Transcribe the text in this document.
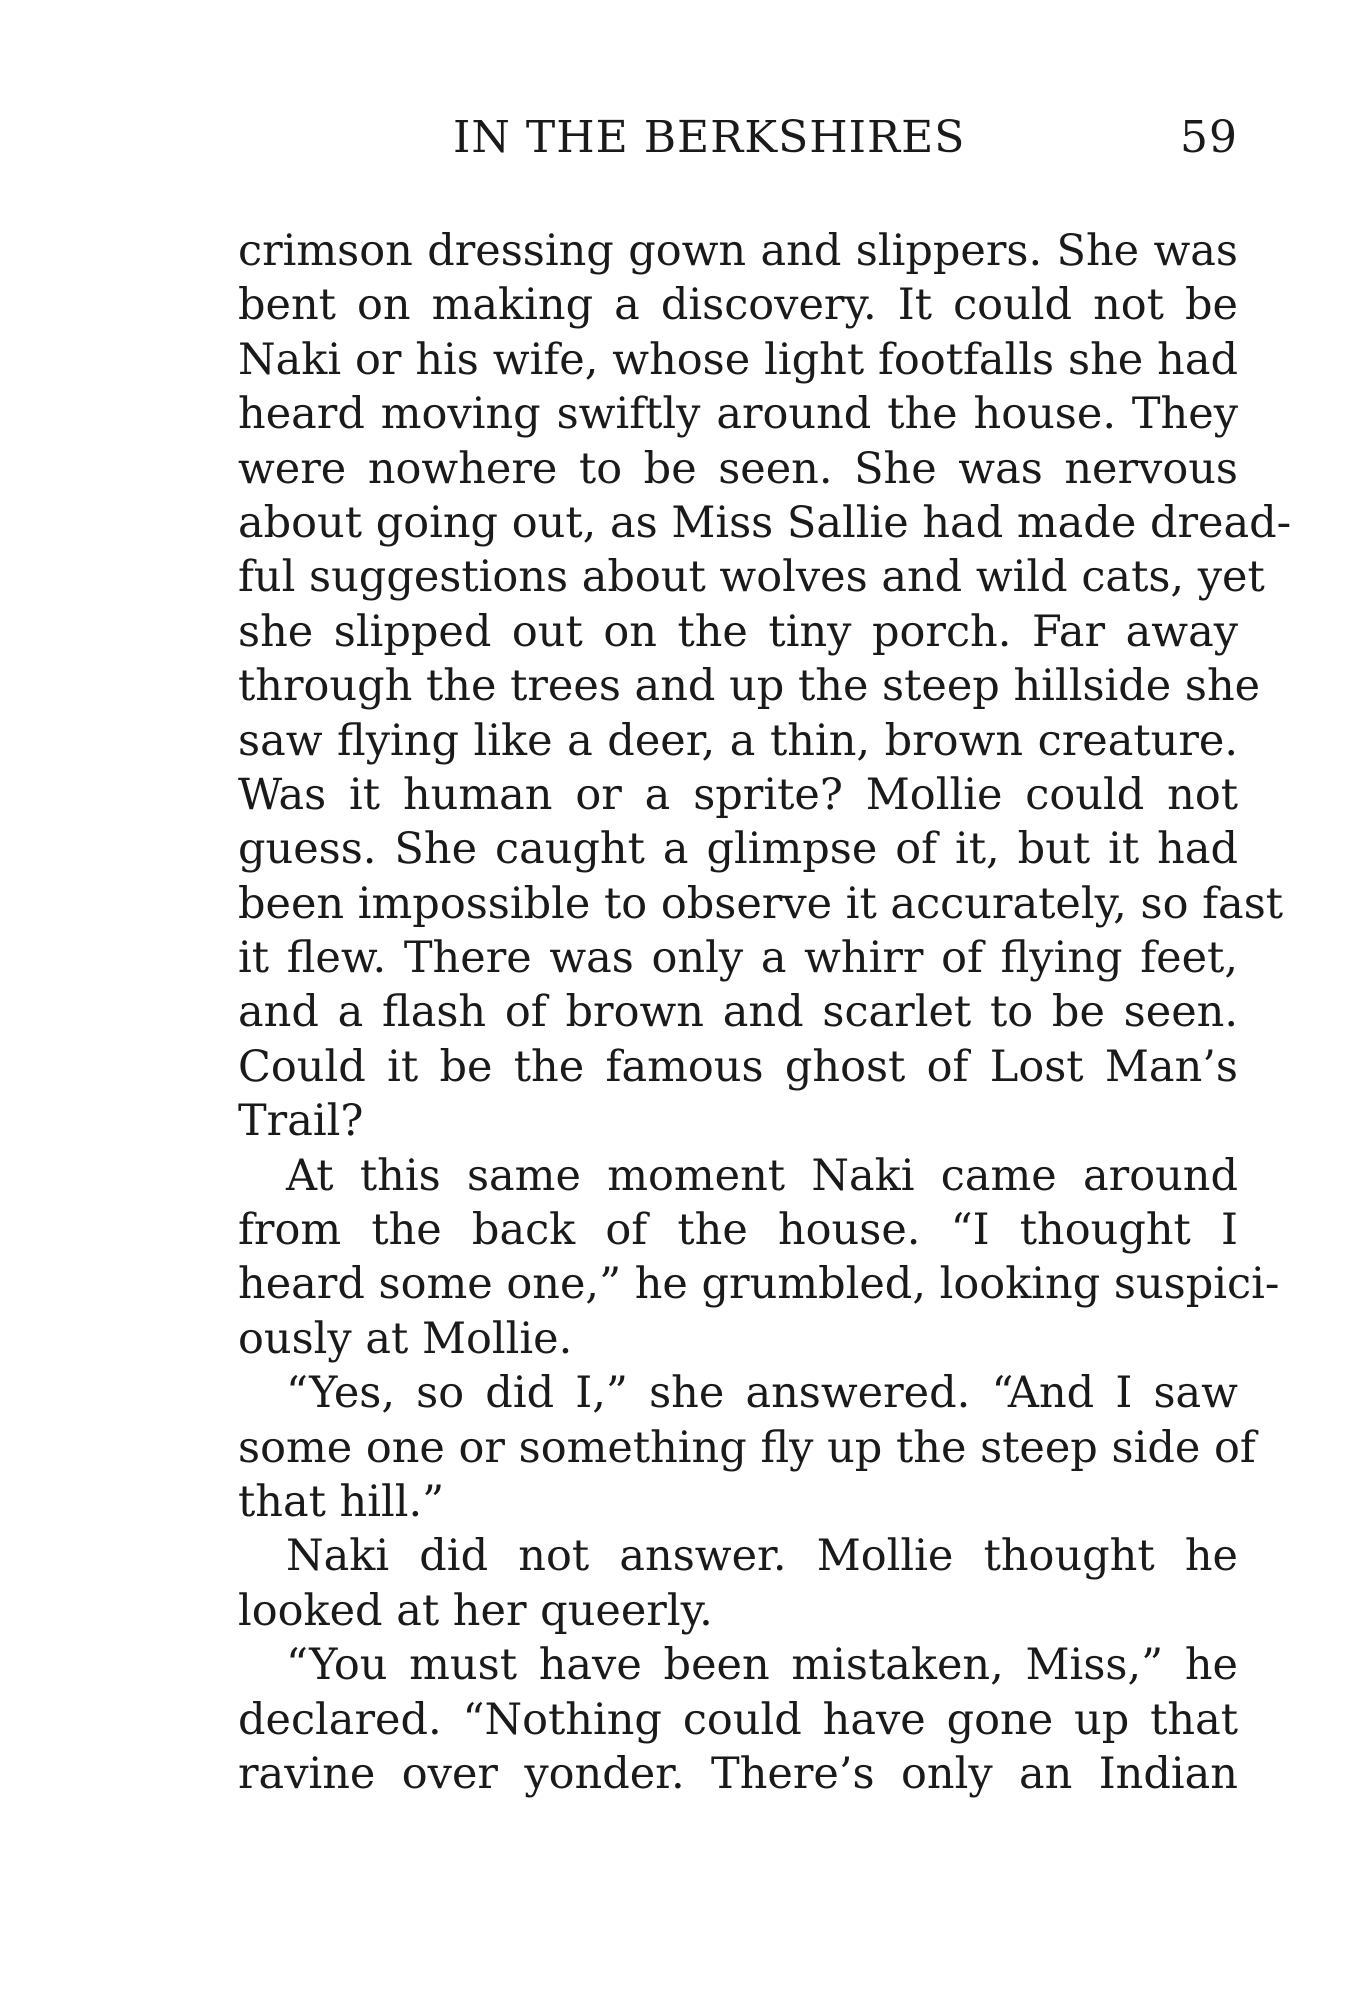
IN THE BERKSHIRES	59
crimson dressing gown and slippers. She was
bent on making a discovery. It could not be
Naki or his wife, whose light footfalls she had
heard moving swiftly around the house. They
were nowhere to be seen. She was nervous
about going out, as Miss Sallie had made dread-
ful suggestions about wolves and wild cats, yet
she slipped out on the tiny porch. Far away
through the trees and up the steep hillside she
saw flying like a deer, a thin, brown creature.
Was it human or a sprite? Mollie could not
guess. She caught a glimpse of it, but it had
been impossible to observe it accurately, so fast
it flew. There was only a whirr of flying feet,
and a flash of brown and scarlet to be seen.
Could it be the famous ghost of Lost Man’s
Trail?
At this same moment Naki came around
from the back of the house. “I thought I
heard some one,” he grumbled, looking suspici-
ously at Mollie.
“Yes, so did I,” she answered. “And I saw
some one or something fly up the steep side of
that hill.”
Naki did not answer. Mollie thought he
looked at her queerly.
“You must have been mistaken, Miss,” he
declared. “Nothing could have gone up that
ravine over yonder. There’s only an Indian
